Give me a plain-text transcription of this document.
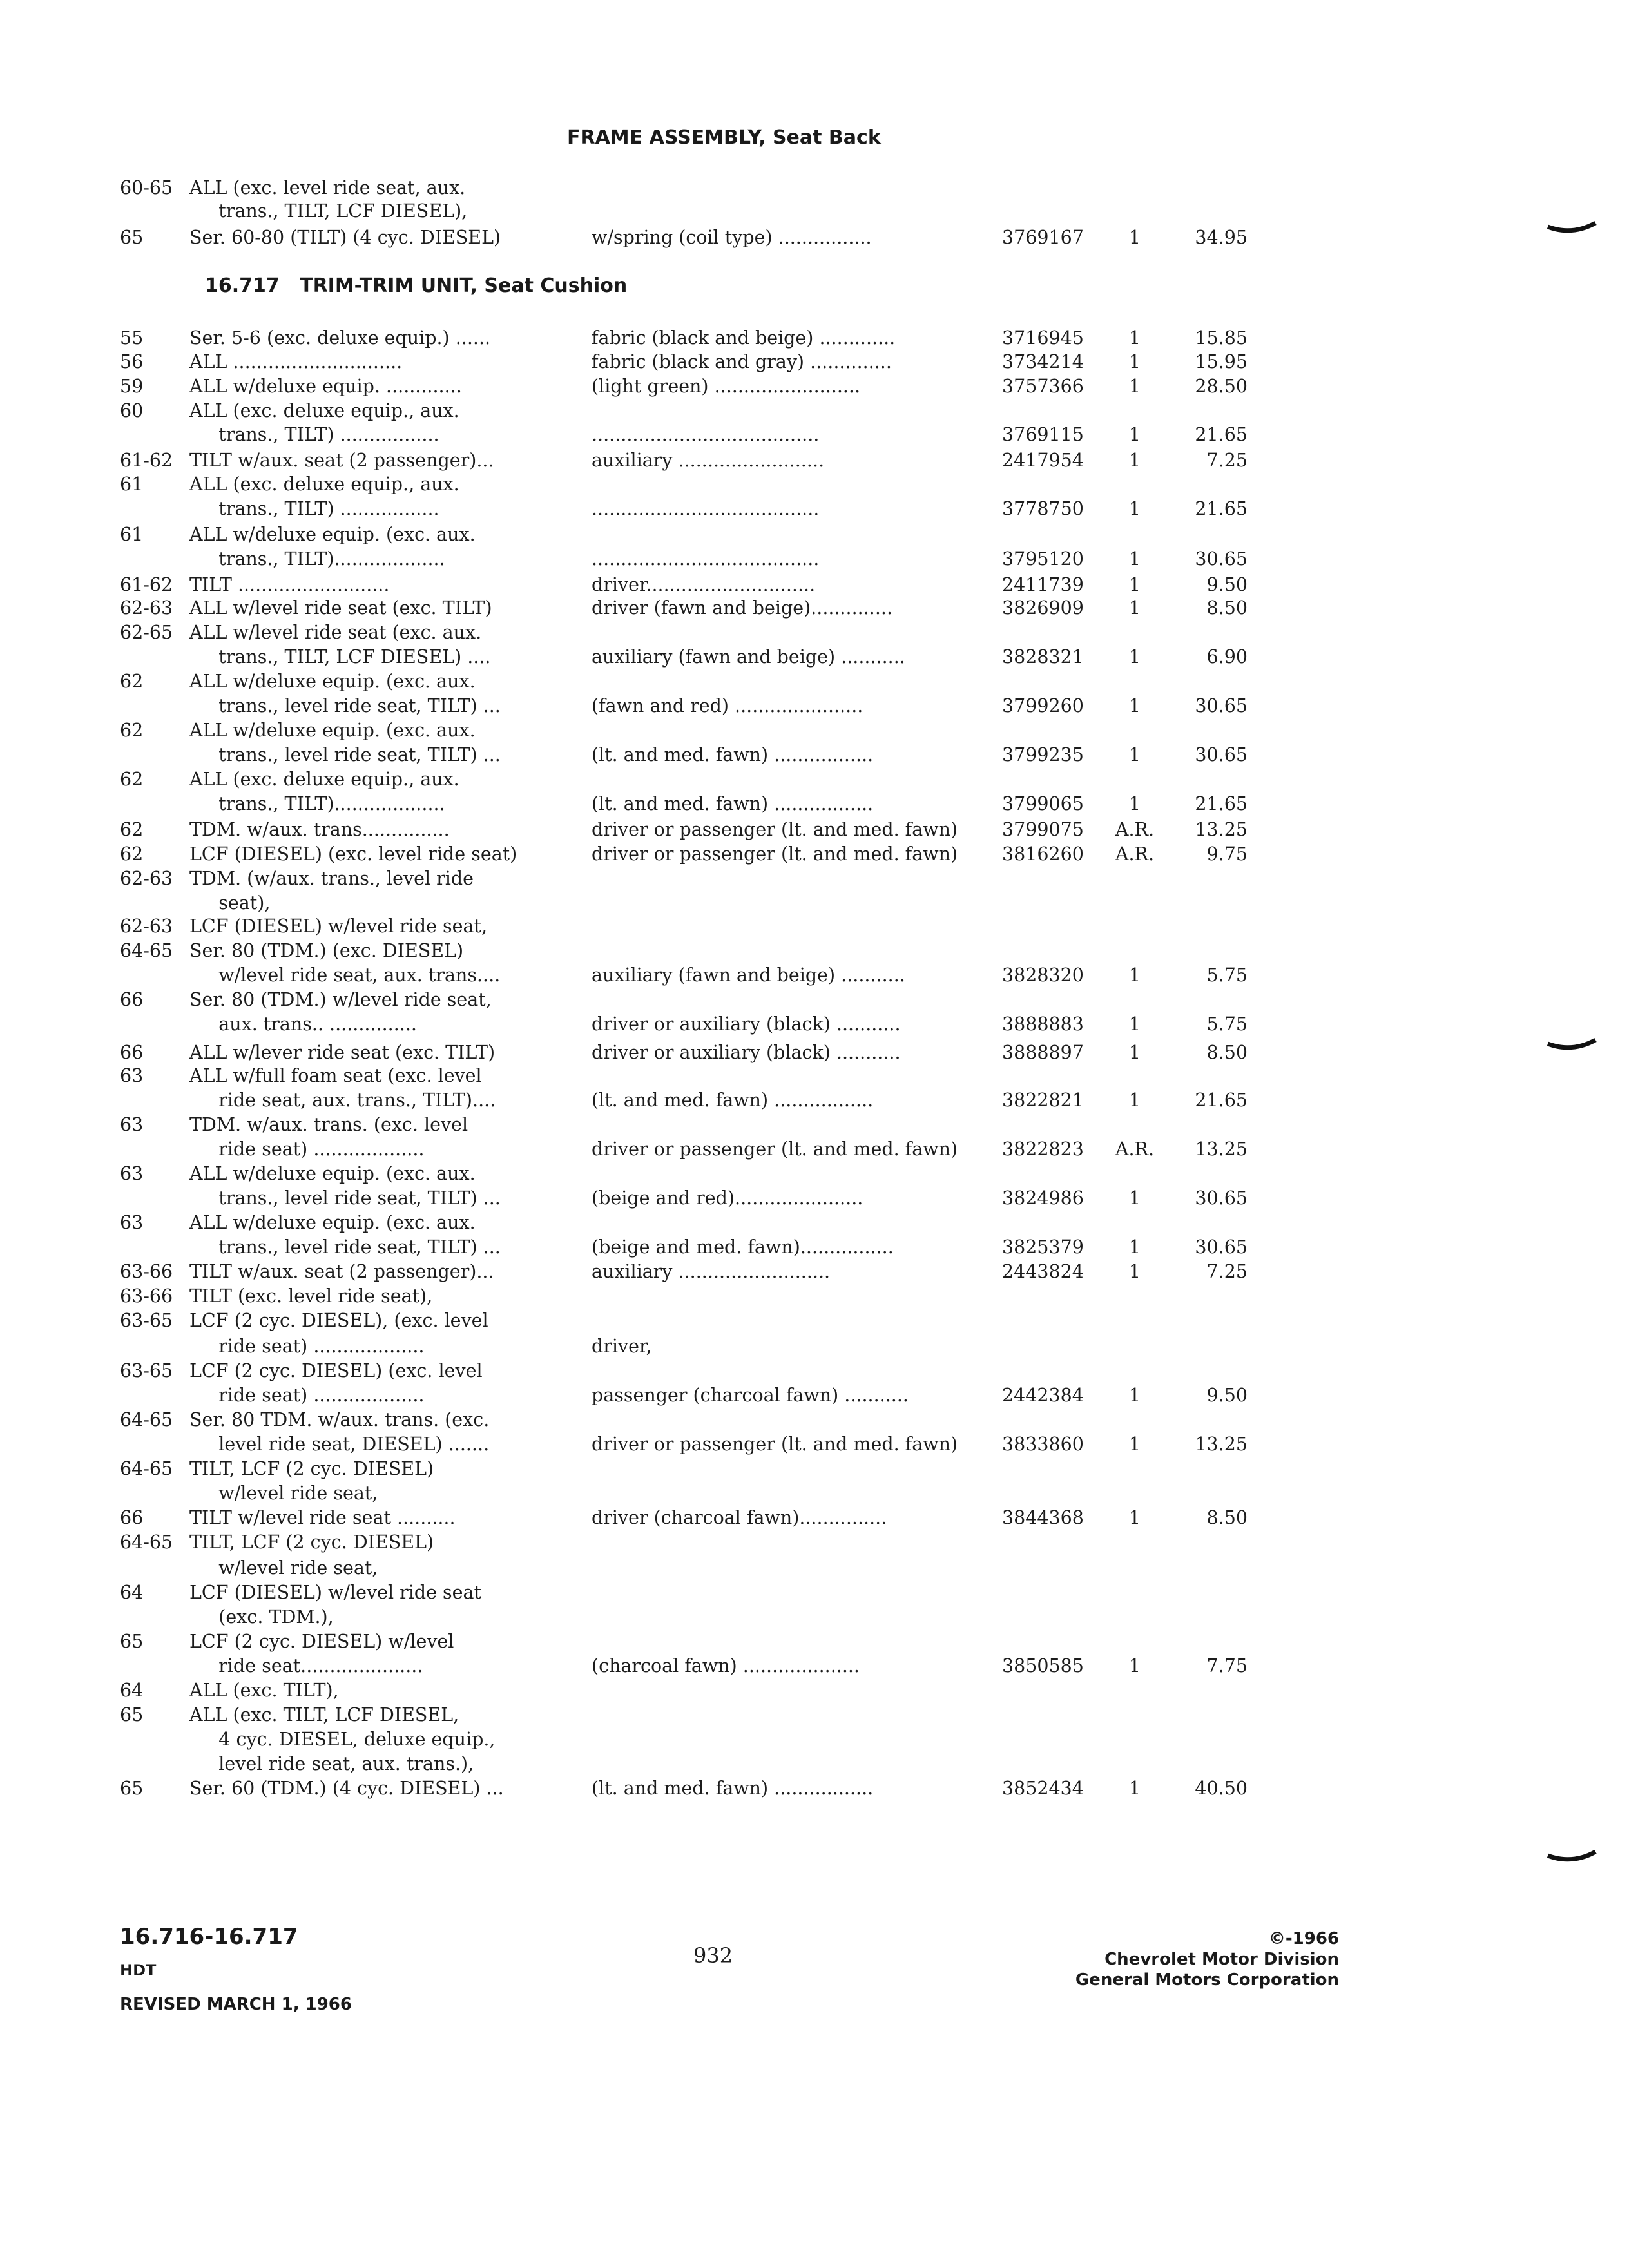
FRAME ASSEMBLY, Seat Back
16.717   TRIM-TRIM UNIT, Seat Cushion
60-65 ALL (exc. level ride seat, aux.
trans., TILT, LCF DIESEL),
65	Ser. 60-80 (TILT) (4 cyc. DIESEL)	w/spring (coil type) ................	3769167	1	34.95
55	Ser. 5-6 (exc. deluxe equip.) ......	fabric (black and beige) .............	3716945	1	15.85
56	ALL .............................	fabric (black and gray) ..............	3734214	1	15.95
59	ALL w/deluxe equip. .............	(light green) .........................	3757366	1	28.50
60	ALL (exc. deluxe equip., aux.
trans., TILT) .................	.......................................	3769115	1	21.65
61-62 TILT w/aux. seat (2 passenger)...	auxiliary .........................	2417954	1	7.25
61	ALL (exc. deluxe equip., aux.
trans., TILT) .................	.......................................	3778750	1	21.65
61	ALL w/deluxe equip. (exc. aux.
trans., TILT)...................	.......................................	3795120	1	30.65
61-62 TILT ..........................	driver.............................	2411739	1	9.50
62-63 ALL w/level ride seat (exc. TILT)	driver (fawn and beige)..............	3826909	1	8.50
62-65 ALL w/level ride seat (exc. aux.
trans., TILT, LCF DIESEL) ....	auxiliary (fawn and beige) ...........	3828321	1	6.90
62	ALL w/deluxe equip. (exc. aux.
trans., level ride seat, TILT) ...	(fawn and red) ......................	3799260	1	30.65
62	ALL w/deluxe equip. (exc. aux.
trans., level ride seat, TILT) ...	(lt. and med. fawn) .................	3799235	1	30.65
62	ALL (exc. deluxe equip., aux.
trans., TILT)...................	(lt. and med. fawn) .................	3799065	1	21.65
62	TDM. w/aux. trans...............	driver or passenger (lt. and med. fawn) 3799075	A.R.	13.25
62	LCF (DIESEL) (exc. level ride seat)	driver or passenger (lt. and med. fawn) 3816260	A.R.	9.75
62-63 TDM. (w/aux. trans., level ride
seat),
62-63 LCF (DIESEL) w/level ride seat,
64-65 Ser. 80 (TDM.) (exc. DIESEL)
w/level ride seat, aux. trans....	auxiliary (fawn and beige) ...........	3828320	1	5.75
66	Ser. 80 (TDM.) w/level ride seat,
aux. trans.. ...............	driver or auxiliary (black) ...........	3888883	1	5.75
66	ALL w/lever ride seat (exc. TILT)	driver or auxiliary (black) ...........	3888897	1	8.50
63	ALL w/full foam seat (exc. level
ride seat, aux. trans., TILT)....	(lt. and med. fawn) .................	3822821	1	21.65
63	TDM. w/aux. trans. (exc. level
ride seat) ...................	driver or passenger (lt. and med. fawn) 3822823	A.R.	13.25
63	ALL w/deluxe equip. (exc. aux.
trans., level ride seat, TILT) ...	(beige and red)......................	3824986	1	30.65
63	ALL w/deluxe equip. (exc. aux.
trans., level ride seat, TILT) ...	(beige and med. fawn)................	3825379	1	30.65
63-66 TILT w/aux. seat (2 passenger)...	auxiliary ..........................	2443824	1	7.25
63-66 TILT (exc. level ride seat),
63-65 LCF (2 cyc. DIESEL), (exc. level
ride seat) ...................	driver,
63-65 LCF (2 cyc. DIESEL) (exc. level
ride seat) ...................	passenger (charcoal fawn) ...........	2442384	1	9.50
64-65 Ser. 80 TDM. w/aux. trans. (exc.
level ride seat, DIESEL) .......	driver or passenger (lt. and med. fawn) 3833860	1	13.25
64-65 TILT, LCF (2 cyc. DIESEL)
w/level ride seat,
66	TILT w/level ride seat ..........	driver (charcoal fawn)...............	3844368	1	8.50
64-65 TILT, LCF (2 cyc. DIESEL)
w/level ride seat,
64	LCF (DIESEL) w/level ride seat
(exc. TDM.),
65	LCF (2 cyc. DIESEL) w/level
ride seat.....................	(charcoal fawn) ....................	3850585	1	7.75
64	ALL (exc. TILT),
65	ALL (exc. TILT, LCF DIESEL,
4 cyc. DIESEL, deluxe equip.,
level ride seat, aux. trans.),
65	Ser. 60 (TDM.) (4 cyc. DIESEL) ...	(lt. and med. fawn) .................	3852434	1	40.50
16.716-16.717
HDT
REVISED MARCH 1, 1966
932
©-1966
Chevrolet Motor Division
General Motors Corporation
